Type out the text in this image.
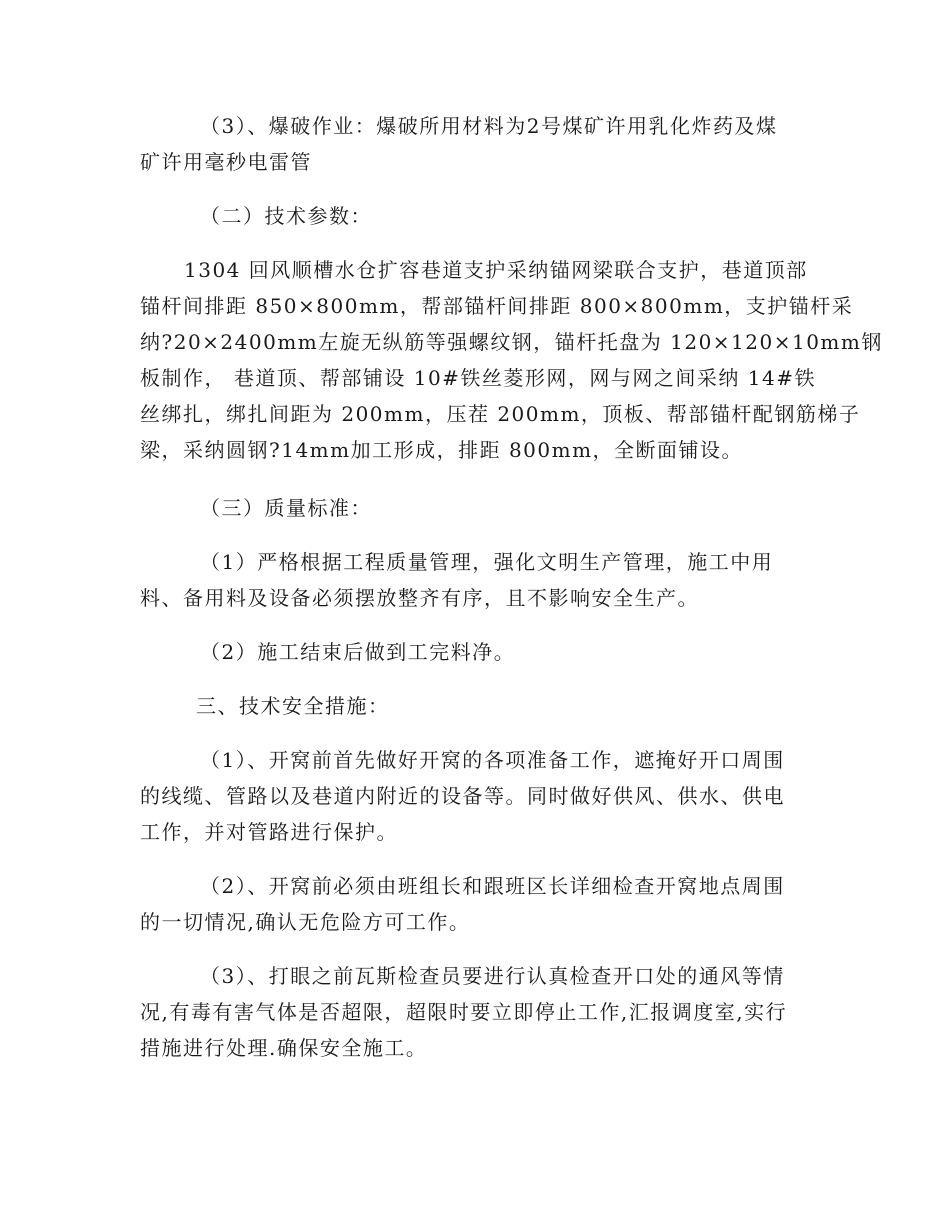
（3）、爆破作业：爆破所用材料为2号煤矿许用乳化炸药及煤
矿许用毫秒电雷管
（二）技术参数：
1304 回风顺槽水仓扩容巷道支护采纳锚网梁联合支护，巷道顶部
锚杆间排距 850×800mm，帮部锚杆间排距 800×800mm，支护锚杆采
纳?20×2400mm左旋无纵筋等强螺纹钢，锚杆托盘为 120×120×10mm钢
板制作， 巷道顶、帮部铺设 10#铁丝菱形网，网与网之间采纳 14#铁
丝绑扎，绑扎间距为 200mm，压茬 200mm，顶板、帮部锚杆配钢筋梯子
梁，采纳圆钢?14mm加工形成，排距 800mm，全断面铺设。
（三）质量标准：
（1）严格根据工程质量管理，强化文明生产管理，施工中用
料、备用料及设备必须摆放整齐有序，且不影响安全生产。
（2）施工结束后做到工完料净。
三、技术安全措施：
（1）、开窝前首先做好开窝的各项准备工作，遮掩好开口周围
的线缆、管路以及巷道内附近的设备等。同时做好供风、供水、供电
工作，并对管路进行保护。
（2）、开窝前必须由班组长和跟班区长详细检查开窝地点周围
的一切情况,确认无危险方可工作。
（3）、打眼之前瓦斯检查员要进行认真检查开口处的通风等情
况,有毒有害气体是否超限，超限时要立即停止工作,汇报调度室,实行
措施进行处理.确保安全施工。
